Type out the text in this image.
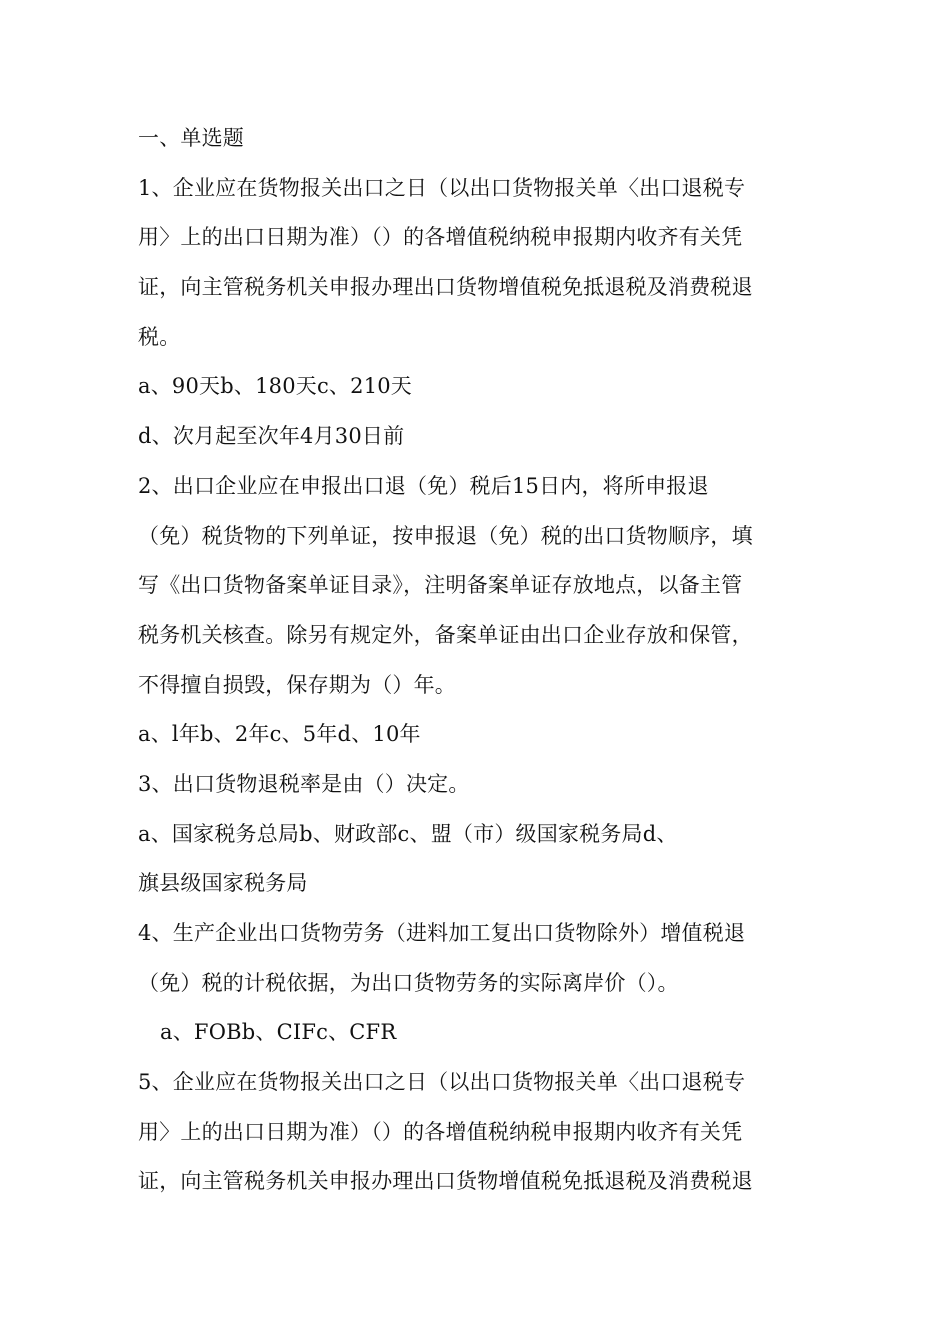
一、单选题
1、企业应在货物报关出口之日（以出口货物报关单〈出口退税专
用〉上的出口日期为准）（）的各增值税纳税申报期内收齐有关凭
证，向主管税务机关申报办理出口货物增值税免抵退税及消费税退
税。
a、90天b、180天c、210天
d、次月起至次年4月30日前
2、出口企业应在申报出口退（免）税后15日内，将所申报退
（免）税货物的下列单证，按申报退（免）税的出口货物顺序，填
写《出口货物备案单证目录》，注明备案单证存放地点，以备主管
税务机关核查。除另有规定外，备案单证由出口企业存放和保管，
不得擅自损毁，保存期为（）年。
a、l年b、2年c、5年d、10年
3、出口货物退税率是由（）决定。
a、国家税务总局b、财政部c、盟（市）级国家税务局d、
旗县级国家税务局
4、生产企业出口货物劳务（进料加工复出口货物除外）增值税退
（免）税的计税依据，为出口货物劳务的实际离岸价（）。
a、FOBb、CIFc、CFR
5、企业应在货物报关出口之日（以出口货物报关单〈出口退税专
用〉上的出口日期为准）（）的各增值税纳税申报期内收齐有关凭
证，向主管税务机关申报办理出口货物增值税免抵退税及消费税退
